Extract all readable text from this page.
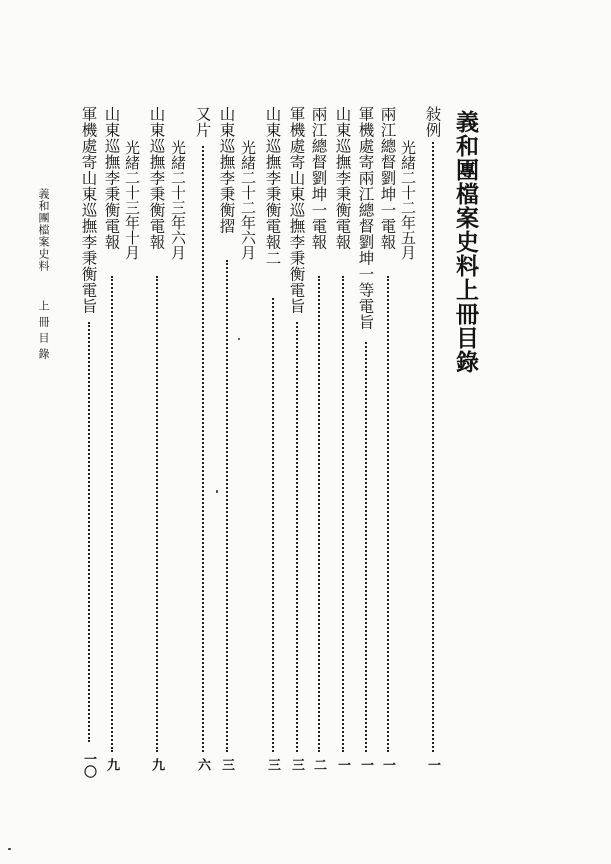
義和團檔案史料上冊目錄
敍例
一
光緒二十二年五月
兩江總督劉坤一電報
一
軍機處寄兩江總督劉坤一等電旨
一
山東巡撫李秉衡電報
一
兩江總督劉坤一電報
二
軍機處寄山東巡撫李秉衡電旨
三
山東巡撫李秉衡電報二
三
光緒二十二年六月
山東巡撫李秉衡摺
三
又片
六
光緒二十三年六月
山東巡撫李秉衡電報
九
光緒二十三年十月
山東巡撫李秉衡電報
九
軍機處寄山東巡撫李秉衡電旨
一〇
義和團檔案史料
上冊目錄
